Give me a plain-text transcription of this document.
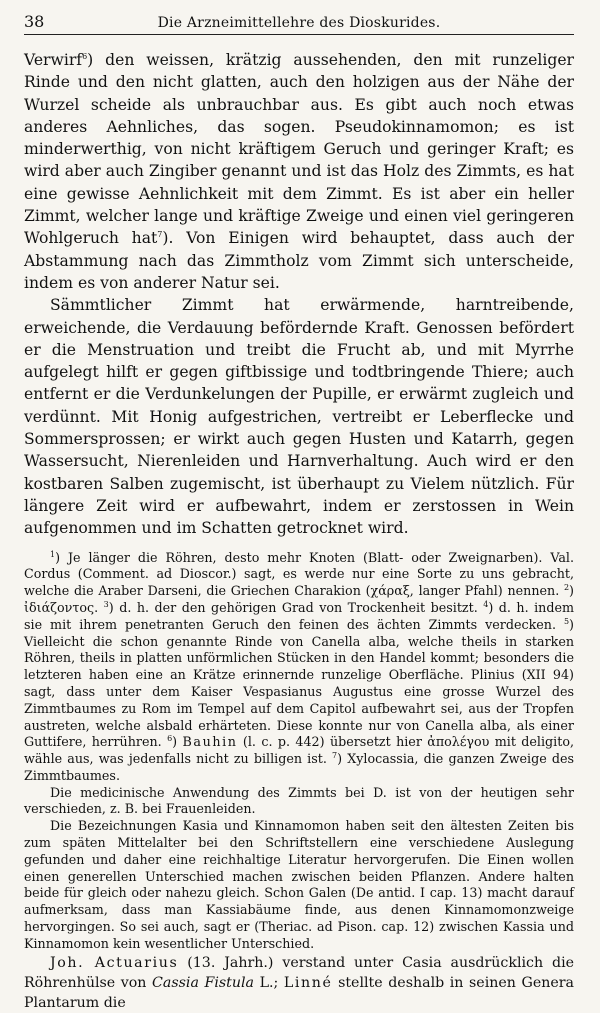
38	Die Arzneimittellehre des Dioskurides.

Verwirf$^6$) den weissen, krätzig aussehenden, den mit runzeliger Rinde und den nicht glatten, auch den holzigen aus der Nähe der Wurzel scheide als unbrauchbar aus. Es gibt auch noch etwas anderes Aehnliches, das sogen. Pseudokinnamomon; es ist minderwerthig, von nicht kräftigem Geruch und geringer Kraft; es wird aber auch Zingiber genannt und ist das Holz des Zimmts, es hat eine gewisse Aehnlichkeit mit dem Zimmt. Es ist aber ein heller Zimmt, welcher lange und kräftige Zweige und einen viel geringeren Wohlgeruch hat$^7$). Von Einigen wird behauptet, dass auch der Abstammung nach das Zimmtholz vom Zimmt sich unterscheide, indem es von anderer Natur sei.

Sämmtlicher Zimmt hat erwärmende, harntreibende, erweichende, die Verdauung befördernde Kraft. Genossen befördert er die Menstruation und treibt die Frucht ab, und mit Myrrhe aufgelegt hilft er gegen giftbissige und todtbringende Thiere; auch entfernt er die Verdunkelungen der Pupille, er erwärmt zugleich und verdünnt. Mit Honig aufgestrichen, vertreibt er Leberflecke und Sommersprossen; er wirkt auch gegen Husten und Katarrh, gegen Wassersucht, Nierenleiden und Harnverhaltung. Auch wird er den kostbaren Salben zugemischt, ist überhaupt zu Vielem nützlich. Für längere Zeit wird er aufbewahrt, indem er zerstossen in Wein aufgenommen und im Schatten getrocknet wird.

$^1$) Je länger die Röhren, desto mehr Knoten (Blatt- oder Zweignarben). Val. Cordus (Comment. ad Dioscor.) sagt, es werde nur eine Sorte zu uns gebracht, welche die Araber Darseni, die Griechen Charakion (χάραξ, langer Pfahl) nennen. $^2$) ἰδιάζοντος. $^3$) d. h. der den gehörigen Grad von Trockenheit besitzt. $^4$) d. h. indem sie mit ihrem penetranten Geruch den feinen des ächten Zimmts verdecken. $^5$) Vielleicht die schon genannte Rinde von Canella alba, welche theils in starken Röhren, theils in platten unförmlichen Stücken in den Handel kommt; besonders die letzteren haben eine an Krätze erinnernde runzelige Oberfläche. Plinius (XII 94) sagt, dass unter dem Kaiser Vespasianus Augustus eine grosse Wurzel des Zimmtbaumes zu Rom im Tempel auf dem Capitol aufbewahrt sei, aus der Tropfen austreten, welche alsbald erhärteten. Diese konnte nur von Canella alba, als einer Guttifere, herrühren. $^6$) Bauhin (l. c. p. 442) übersetzt hier ἀπολέγου mit deligito, wähle aus, was jedenfalls nicht zu billigen ist. $^7$) Xylocassia, die ganzen Zweige des Zimmtbaumes.

Die medicinische Anwendung des Zimmts bei D. ist von der heutigen sehr verschieden, z. B. bei Frauenleiden.

Die Bezeichnungen Kasia und Kinnamomon haben seit den ältesten Zeiten bis zum späten Mittelalter bei den Schriftstellern eine verschiedene Auslegung gefunden und daher eine reichhaltige Literatur hervorgerufen. Die Einen wollen einen generellen Unterschied machen zwischen beiden Pflanzen. Andere halten beide für gleich oder nahezu gleich. Schon Galen (De antid. I cap. 13) macht darauf aufmerksam, dass man Kassiabäume finde, aus denen Kinnamomonzweige hervorgingen. So sei auch, sagt er (Theriac. ad Pison. cap. 12) zwischen Kassia und Kinnamomon kein wesentlicher Unterschied.

Joh. Actuarius (13. Jahrh.) verstand unter Casia ausdrücklich die Röhrenhülse von Cassia Fistula L.; Linné stellte deshalb in seinen Genera Plantarum die
